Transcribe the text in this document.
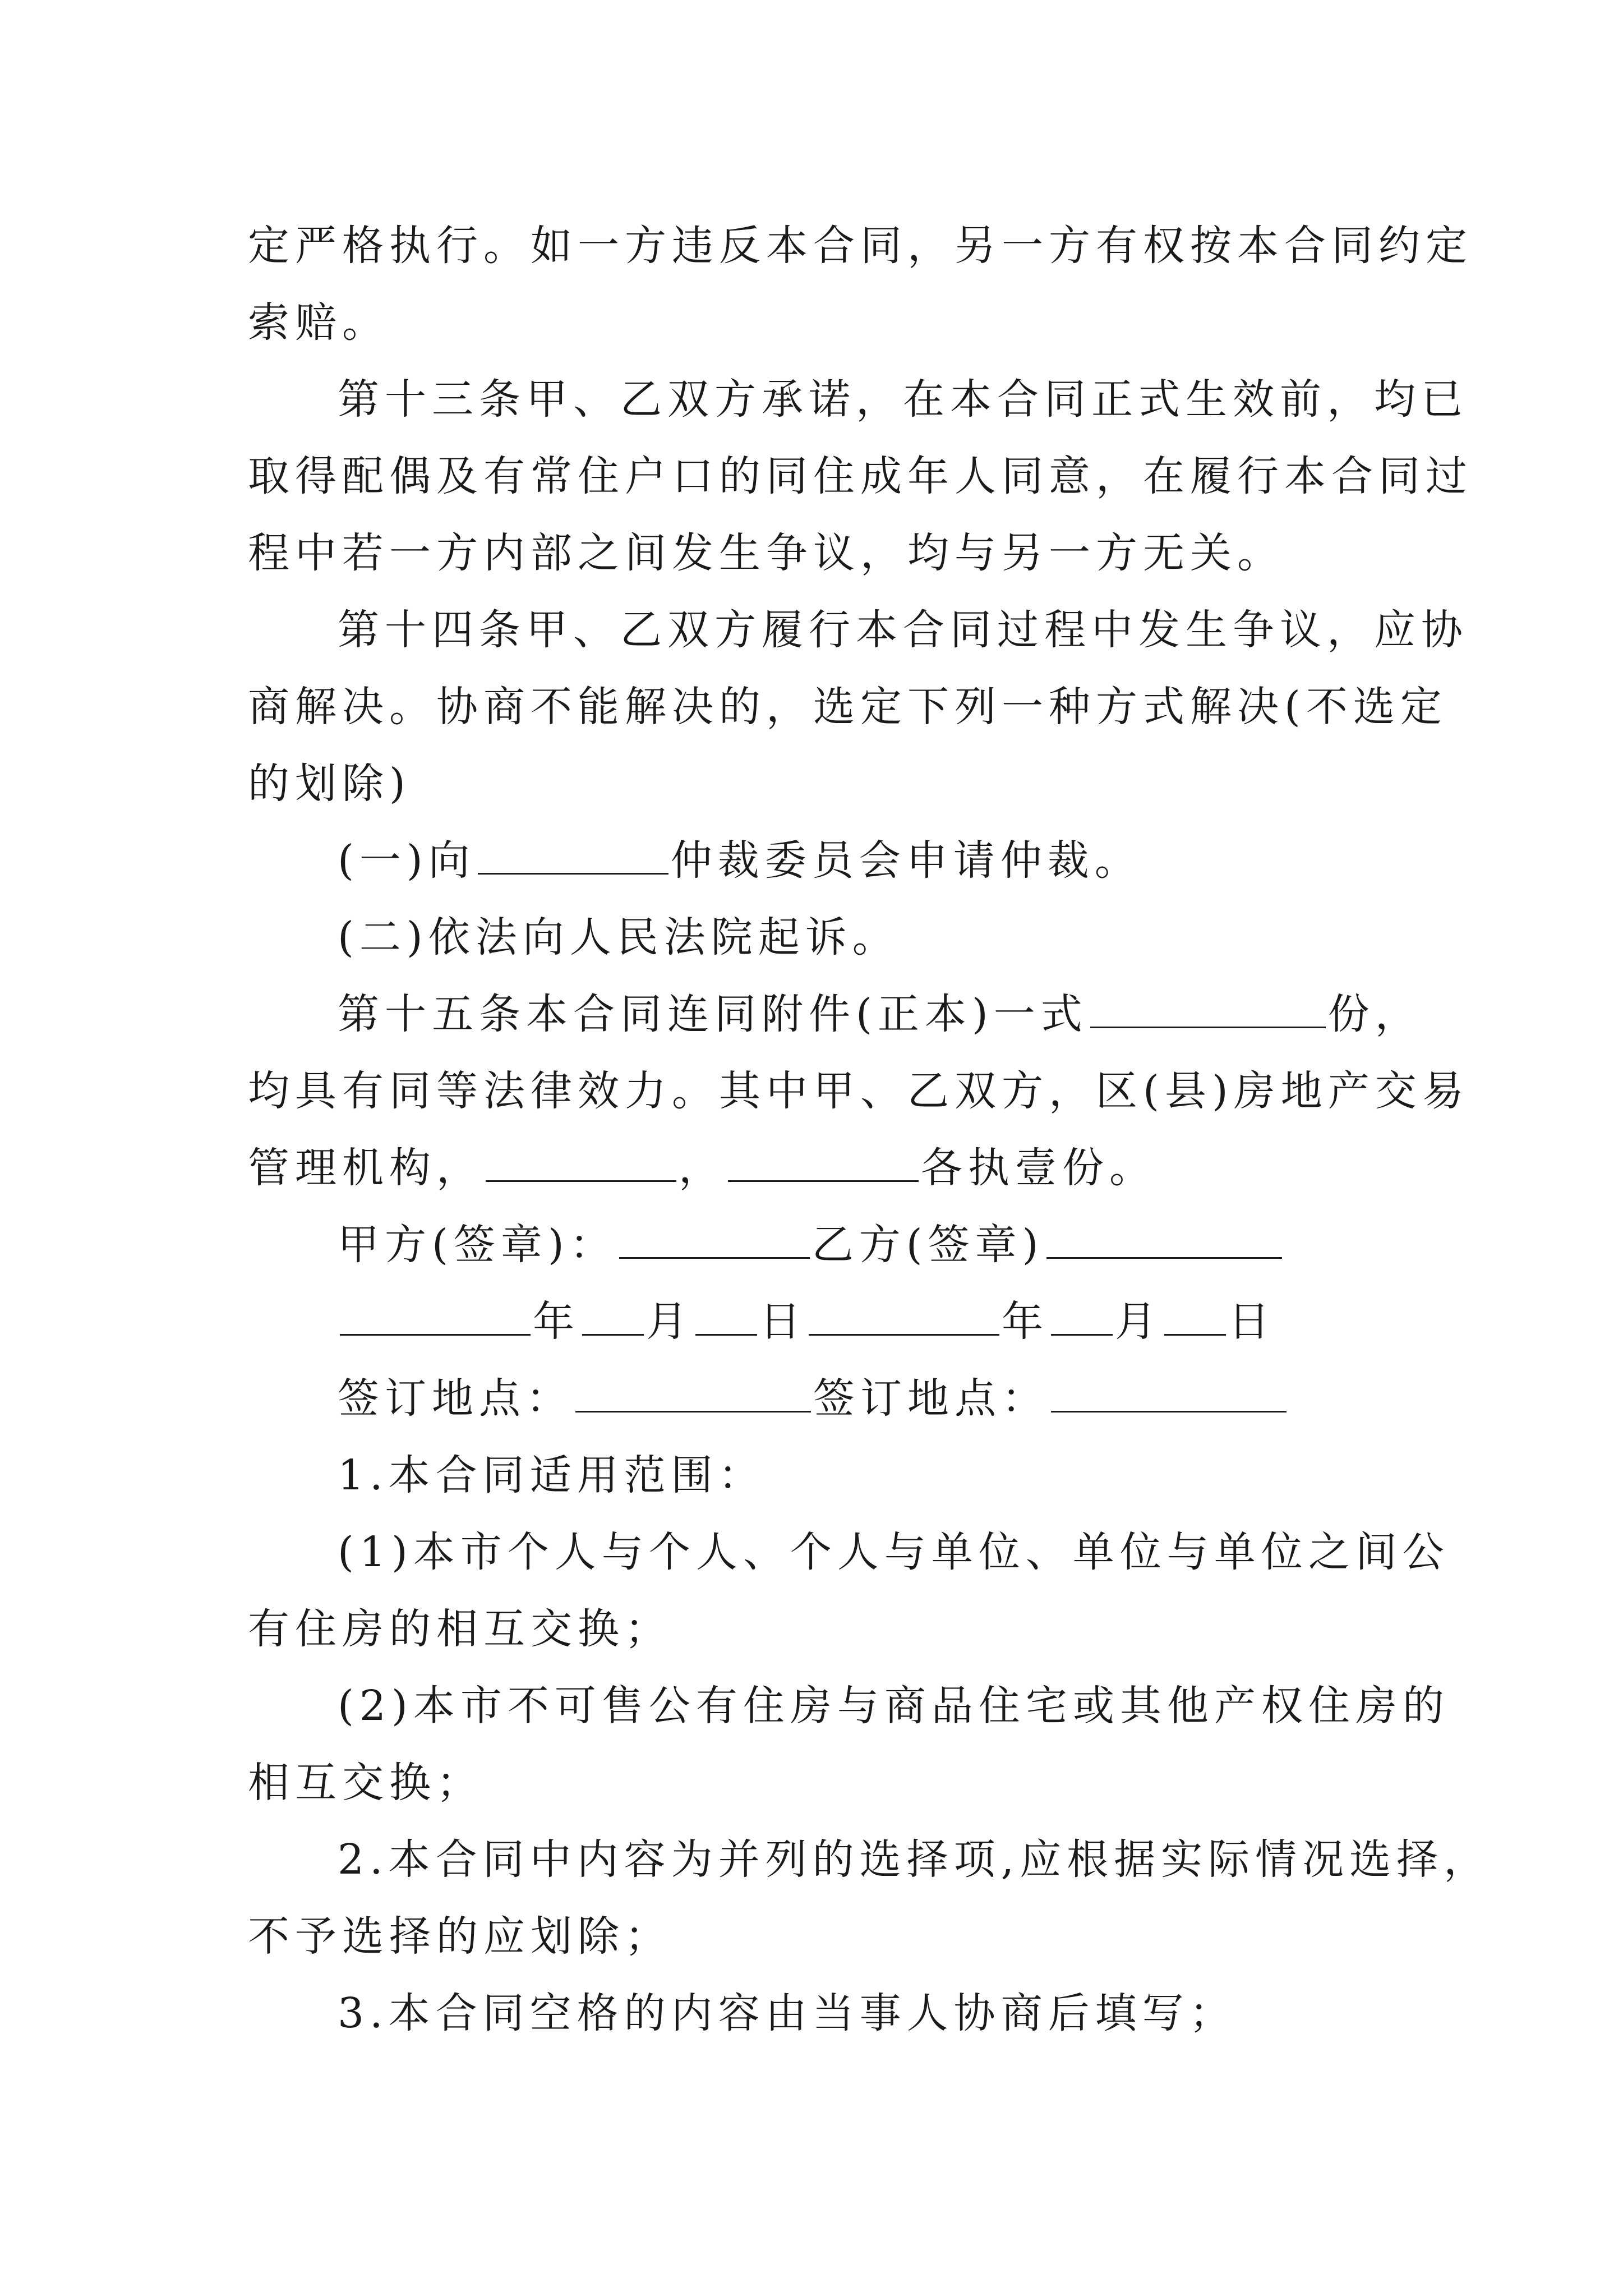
定严格执行。如一方违反本合同，另一方有权按本合同约定
索赔。
第十三条甲、乙双方承诺，在本合同正式生效前，均已
取得配偶及有常住户口的同住成年人同意，在履行本合同过
程中若一方内部之间发生争议，均与另一方无关。
第十四条甲、乙双方履行本合同过程中发生争议，应协
商解决。协商不能解决的，选定下列一种方式解决(不选定
的划除)
(一)向	仲裁委员会申请仲裁。
(二)依法向人民法院起诉。
第十五条本合同连同附件(正本)一式	份，
均具有同等法律效力。其中甲、乙双方，区(县)房地产交易
管理机构，	，	各执壹份。
甲方(签章)：	乙方(签章)
年 月 日	年 月 日
签订地点：	签订地点：
1.本合同适用范围：
(1)本市个人与个人、个人与单位、单位与单位之间公
有住房的相互交换；
(2)本市不可售公有住房与商品住宅或其他产权住房的
相互交换；
2.本合同中内容为并列的选择项,应根据实际情况选择，
不予选择的应划除；
3.本合同空格的内容由当事人协商后填写；
